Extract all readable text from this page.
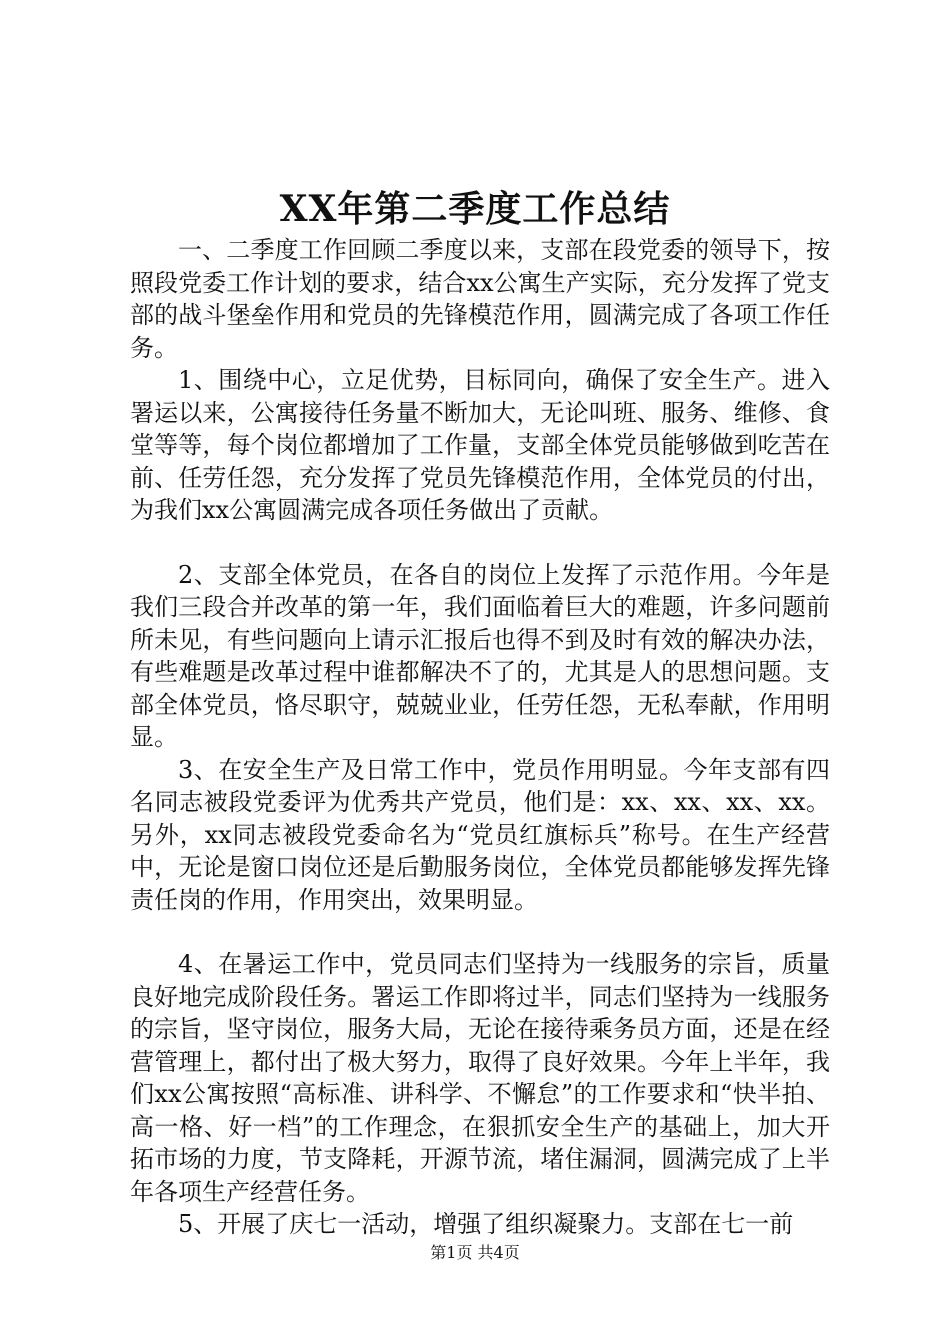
XX年第二季度工作总结

一、二季度工作回顾二季度以来，支部在段党委的领导下，按照段党委工作计划的要求，结合xx公寓生产实际，充分发挥了党支部的战斗堡垒作用和党员的先锋模范作用，圆满完成了各项工作任务。

1、围绕中心，立足优势，目标同向，确保了安全生产。进入署运以来，公寓接待任务量不断加大，无论叫班、服务、维修、食堂等等，每个岗位都增加了工作量，支部全体党员能够做到吃苦在前、任劳任怨，充分发挥了党员先锋模范作用，全体党员的付出，为我们xx公寓圆满完成各项任务做出了贡献。

2、支部全体党员，在各自的岗位上发挥了示范作用。今年是我们三段合并改革的第一年，我们面临着巨大的难题，许多问题前所未见，有些问题向上请示汇报后也得不到及时有效的解决办法，有些难题是改革过程中谁都解决不了的，尤其是人的思想问题。支部全体党员，恪尽职守，兢兢业业，任劳任怨，无私奉献，作用明显。

3、在安全生产及日常工作中，党员作用明显。今年支部有四名同志被段党委评为优秀共产党员，他们是：xx、xx、xx、xx。另外，xx同志被段党委命名为“党员红旗标兵”称号。在生产经营中，无论是窗口岗位还是后勤服务岗位，全体党员都能够发挥先锋责任岗的作用，作用突出，效果明显。

4、在暑运工作中，党员同志们坚持为一线服务的宗旨，质量良好地完成阶段任务。署运工作即将过半，同志们坚持为一线服务的宗旨，坚守岗位，服务大局，无论在接待乘务员方面，还是在经营管理上，都付出了极大努力，取得了良好效果。今年上半年，我们xx公寓按照“高标准、讲科学、不懈怠”的工作要求和“快半拍、高一格、好一档”的工作理念，在狠抓安全生产的基础上，加大开拓市场的力度，节支降耗，开源节流，堵住漏洞，圆满完成了上半年各项生产经营任务。

5、开展了庆七一活动，增强了组织凝聚力。支部在七一前

第1页 共4页
